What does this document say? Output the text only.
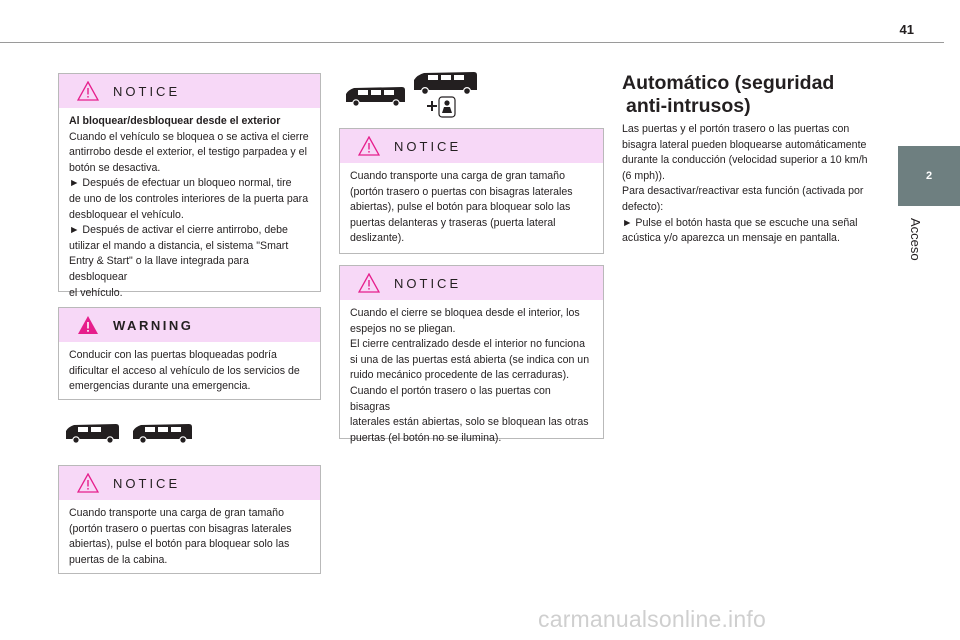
41
2
Acceso
NOTICE

Al bloquear/desbloquear desde el exterior

Cuando el vehículo se bloquea o se activa el cierre

antirrobo desde el exterior, el testigo parpadea y el

botón se desactiva.

► Después de efectuar un bloqueo normal, tire

de uno de los controles interiores de la puerta para

desbloquear el vehículo.

► Después de activar el cierre antirrobo, debe

utilizar el mando a distancia, el sistema "Smart

Entry & Start" o la llave integrada para desbloquear

el vehículo.

WARNING

Conducir con las puertas bloqueadas podría

dificultar el acceso al vehículo de los servicios de

emergencias durante una emergencia.

NOTICE

Cuando transporte una carga de gran tamaño

(portón trasero o puertas con bisagras laterales

abiertas), pulse el botón para bloquear solo las

puertas de la cabina.

NOTICE

Cuando transporte una carga de gran tamaño

(portón trasero o puertas con bisagras laterales

abiertas), pulse el botón para bloquear solo las

puertas delanteras y traseras (puerta lateral

deslizante).

NOTICE

Cuando el cierre se bloquea desde el interior, los

espejos no se pliegan.

El cierre centralizado desde el interior no funciona

si una de las puertas está abierta (se indica con un

ruido mecánico procedente de las cerraduras).

Cuando el portón trasero o las puertas con bisagras

laterales están abiertas, solo se bloquean las otras

puertas (el botón no se ilumina).

Automático (seguridad
anti-intrusos)

Las puertas y el portón trasero o las puertas con

bisagra lateral pueden bloquearse automáticamente

durante la conducción (velocidad superior a 10 km/h

(6 mph)).

Para desactivar/reactivar esta función (activada por

defecto):

► Pulse el botón hasta que se escuche una señal

acústica y/o aparezca un mensaje en pantalla.

carmanualsonline.info
